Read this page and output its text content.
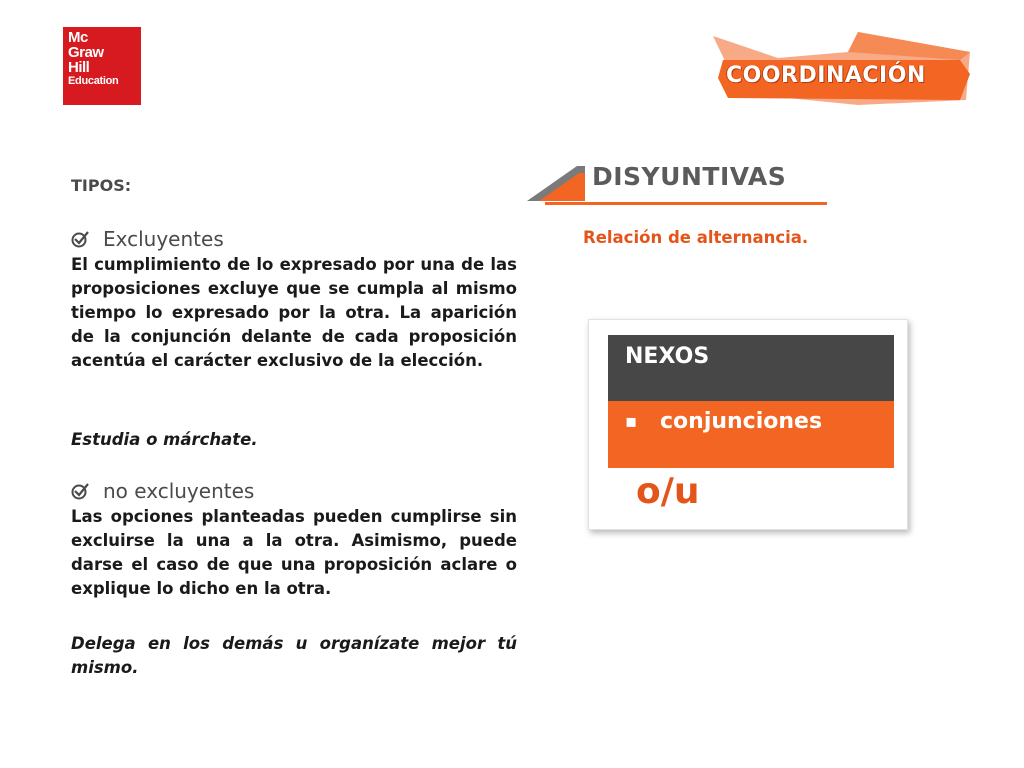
Mc
Graw
Hill
Education	COORDINACIÓN
TIPOS:
Excluyentes

El cumplimiento de lo expresado por una de las proposiciones excluye que se cumpla al mismo tiempo lo expresado por la otra. La aparición de la conjunción delante de cada proposición acentúa el carácter exclusivo de la elección.

Estudia o márchate.

no excluyentes

Las opciones planteadas pueden cumplirse sin excluirse la una a la otra. Asimismo, puede darse el caso de que una proposición aclare o explique lo dicho en la otra.

Delega en los demás u organízate mejor tú mismo.

DISYUNTIVAS

Relación de alternancia.

NEXOS
▪	conjunciones

o/u
